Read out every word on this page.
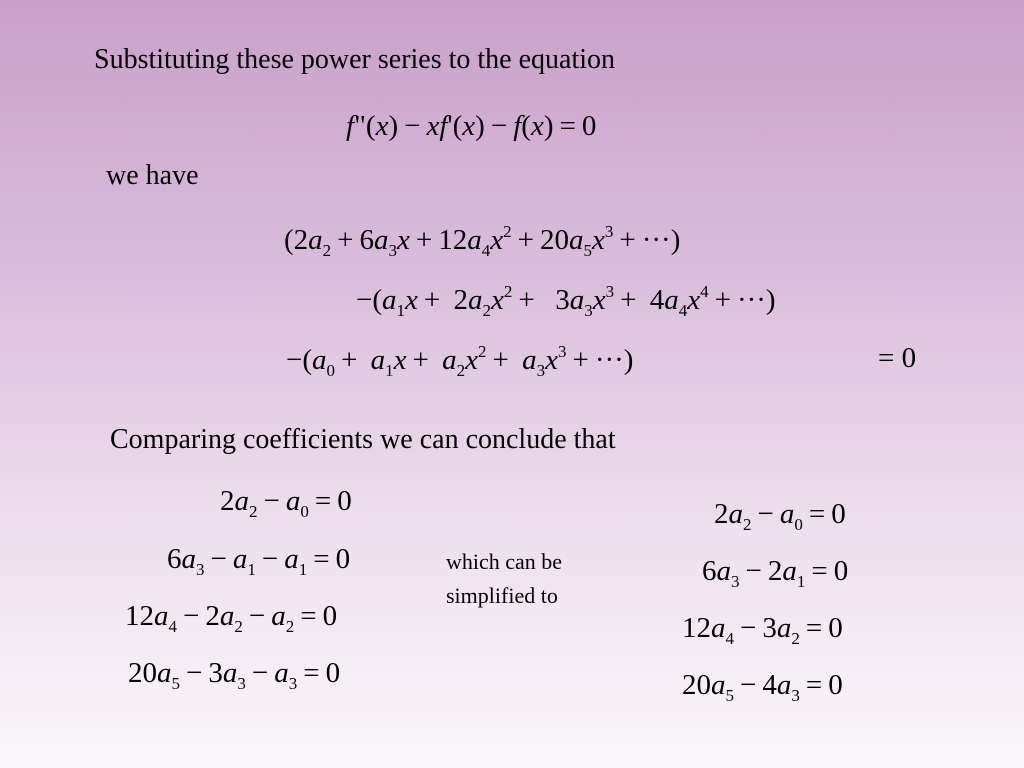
Substituting these power series to the equation
f"(x) − xf'(x) − f(x) = 0
we have
($2a_2 + 6a_3x + 12a_4x^2 + 20a_5x^3$ + ···)
$-(a_1x + 2a_2x^2 + 3a_3x^3 + 4a_4x^4$ + ···)
$-(a_0 + a_1x + a_2x^2 + a_3x^3$ + ···)	= 0
Comparing coefficients we can conclude that
$2a_2 - a_0 = 0$
$6a_3 - a_1 - a_1 = 0$
$12a_4 - 2a_2 - a_2 = 0$
$20a_5 - 3a_3 - a_3 = 0$
which can be simplified to
$2a_2 - a_0 = 0$
$6a_3 - 2a_1 = 0$
$12a_4 - 3a_2 = 0$
$20a_5 - 4a_3 = 0$
